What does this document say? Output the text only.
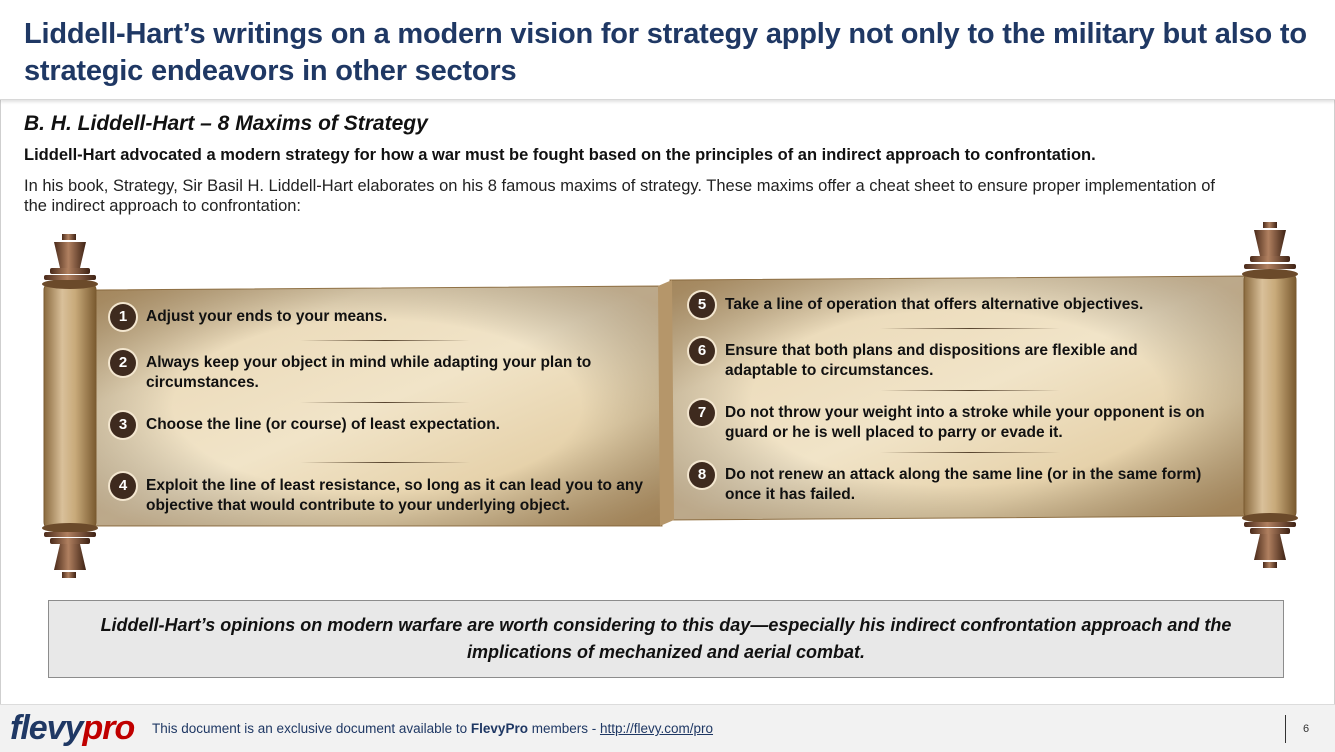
Liddell-Hart’s writings on a modern vision for strategy apply not only to the military but also to strategic endeavors in other sectors
B. H. Liddell-Hart – 8 Maxims of Strategy
Liddell-Hart advocated a modern strategy for how a war must be fought based on the principles of an indirect approach to confrontation.
In his book, Strategy, Sir Basil H. Liddell-Hart elaborates on his 8 famous maxims of strategy. These maxims offer a cheat sheet to ensure proper implementation of the indirect approach to confrontation:
1	Adjust your ends to your means.
2	Always keep your object in mind while adapting your plan to circumstances.
3	Choose the line (or course) of least expectation.
4	Exploit the line of least resistance, so long as it can lead you to any objective that would contribute to your underlying object.
5	Take a line of operation that offers alternative objectives.
6	Ensure that both plans and dispositions are flexible and adaptable to circumstances.
7	Do not throw your weight into a stroke while your opponent is on guard or he is well placed to parry or evade it.
8	Do not renew an attack along the same line (or in the same form) once it has failed.
Liddell-Hart’s opinions on modern warfare are worth considering to this day—especially his indirect confrontation approach and the implications of mechanized and aerial combat.
flevypro This document is an exclusive document available to FlevyPro members - http://flevy.com/pro	6
